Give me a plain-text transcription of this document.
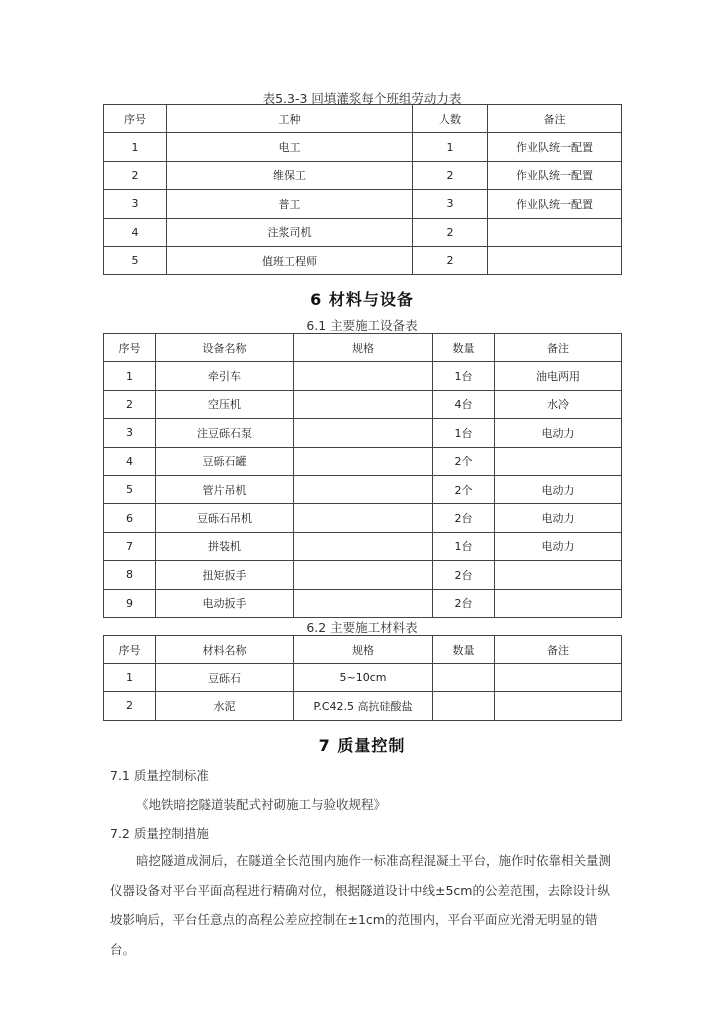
表5.3-3 回填灌浆每个班组劳动力表
序号	工种	人数	备注
1	电工	1	作业队统一配置
2	维保工	2	作业队统一配置
3	普工	3	作业队统一配置
4	注浆司机	2	
5	值班工程师	2	
6 材料与设备
6.1 主要施工设备表
序号	设备名称	规格	数量	备注
1	牵引车		1台	油电两用
2	空压机		4台	水冷
3	注豆砾石泵		1台	电动力
4	豆砾石罐		2个	
5	管片吊机		2个	电动力
6	豆砾石吊机		2台	电动力
7	拼装机		1台	电动力
8	扭矩扳手		2台	
9	电动扳手		2台	
6.2 主要施工材料表
序号	材料名称	规格	数量	备注
1	豆砾石	5~10cm		
2	水泥	P.C42.5 高抗硅酸盐		
7 质量控制
7.1 质量控制标准
《地铁暗挖隧道装配式衬砌施工与验收规程》
7.2 质量控制措施
暗挖隧道成洞后，在隧道全长范围内施作一标准高程混凝土平台，施作时依靠相关量测仪器设备对平台平面高程进行精确对位，根据隧道设计中线±5cm的公差范围，去除设计纵坡影响后，平台任意点的高程公差应控制在±1cm的范围内，平台平面应光滑无明显的错台。
